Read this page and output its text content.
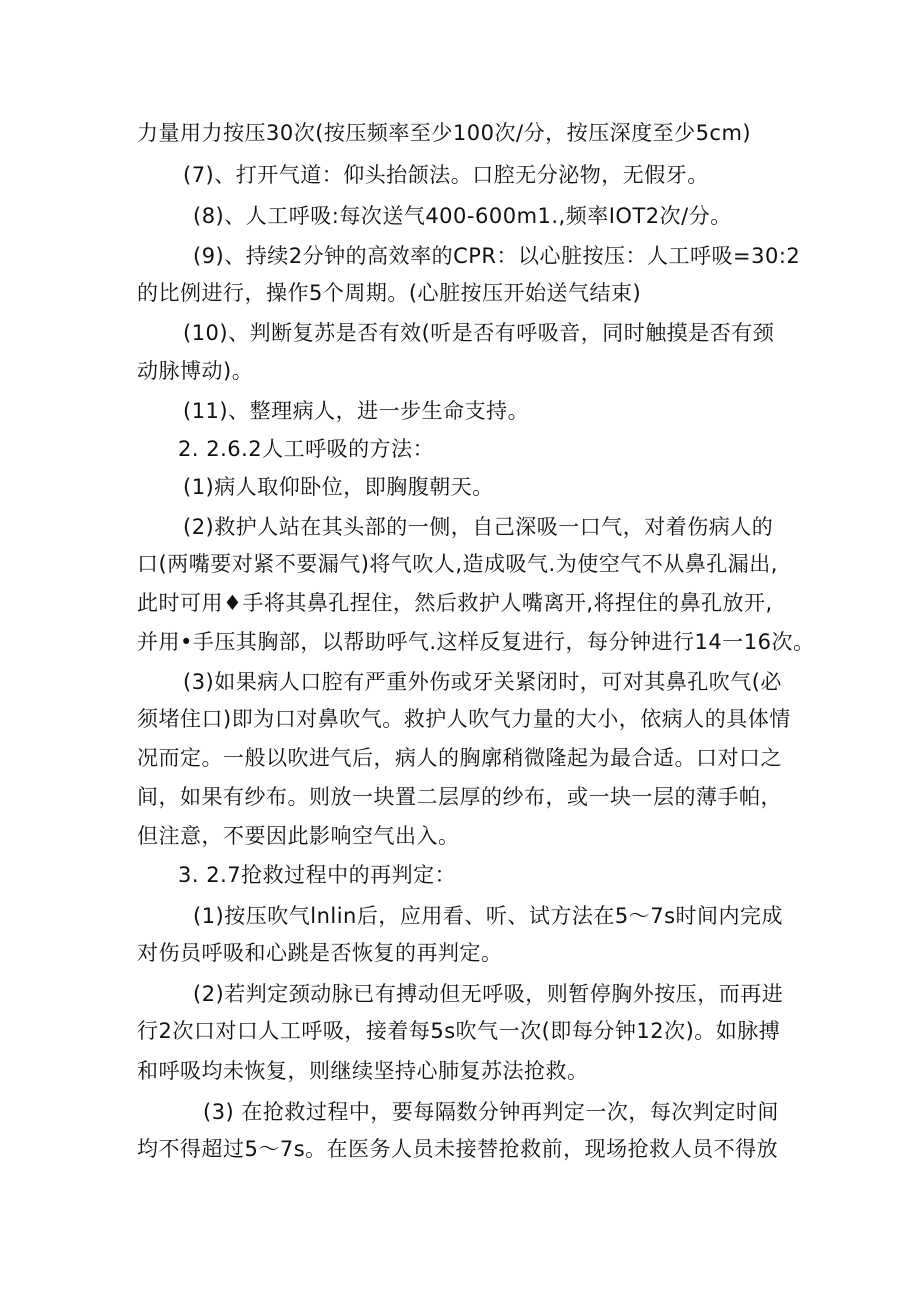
力量用力按压30次(按压频率至少100次/分，按压深度至少5cm)
(7)、打开气道：仰头抬颌法。口腔无分泌物，无假牙。
(8)、人工呼吸:每次送气400-600m1.,频率IOT2次/分。
(9)、持续2分钟的高效率的CPR：以心脏按压：人工呼吸=30:2
的比例进行，操作5个周期。(心脏按压开始送气结束)
(10)、判断复苏是否有效(听是否有呼吸音，同时触摸是否有颈
动脉博动)。
(11)、整理病人，进一步生命支持。
2. 2.6.2人工呼吸的方法：
(1)病人取仰卧位，即胸腹朝天。
(2)救护人站在其头部的一侧，自己深吸一口气，对着伤病人的
口(两嘴要对紧不要漏气)将气吹人,造成吸气.为使空气不从鼻孔漏出,
此时可用♦手将其鼻孔捏住，然后救护人嘴离开,将捏住的鼻孔放开,
并用•手压其胸部，以帮助呼气.这样反复进行，每分钟进行14一16次。
(3)如果病人口腔有严重外伤或牙关紧闭时，可对其鼻孔吹气(必
须堵住口)即为口对鼻吹气。救护人吹气力量的大小，依病人的具体情
况而定。一般以吹进气后，病人的胸廓稍微隆起为最合适。口对口之
间，如果有纱布。则放一块置二层厚的纱布，或一块一层的薄手帕，
但注意，不要因此影响空气出入。
3. 2.7抢救过程中的再判定：
(1)按压吹气lnlin后，应用看、听、试方法在5～7s时间内完成
对伤员呼吸和心跳是否恢复的再判定。
(2)若判定颈动脉已有搏动但无呼吸，则暂停胸外按压，而再进
行2次口对口人工呼吸，接着每5s吹气一次(即每分钟12次)。如脉搏
和呼吸均未恢复，则继续坚持心肺复苏法抢救。
(3) 在抢救过程中，要每隔数分钟再判定一次，每次判定时间
均不得超过5～7s。在医务人员未接替抢救前，现场抢救人员不得放
